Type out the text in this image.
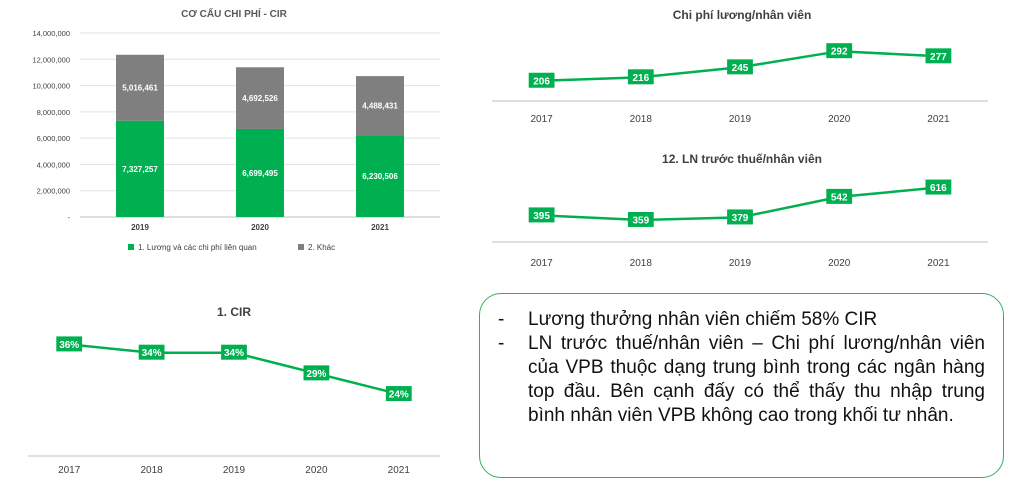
CƠ CẤU CHI PHÍ - CIR
-
2,000,000
4,000,000
6,000,000
8,000,000
10,000,000
12,000,000
14,000,000
7,327,257
5,016,461
6,699,495
4,692,526
6,230,506
4,488,431
2019	2020	2021
1. Lương và các chi phí liên quan	2. Khác
Chi phí lương/nhân viên
206
2017
216
2018
245
2019
292
2020
277
2021
12. LN trước thuế/nhân viên
395
2017
359
2018
379
2019
542
2020
616
2021
1. CIR
36%
2017
34%
2018
34%
2019
29%
2020
24%
2021
- Lương thưởng nhân viên chiếm 58% CIR
- LN trước thuế/nhân viên – Chi phí lương/nhân viên của VPB thuộc dạng trung bình trong các ngân hàng top đầu. Bên cạnh đấy có thể thấy thu nhập trung bình nhân viên VPB không cao trong khối tư nhân.
